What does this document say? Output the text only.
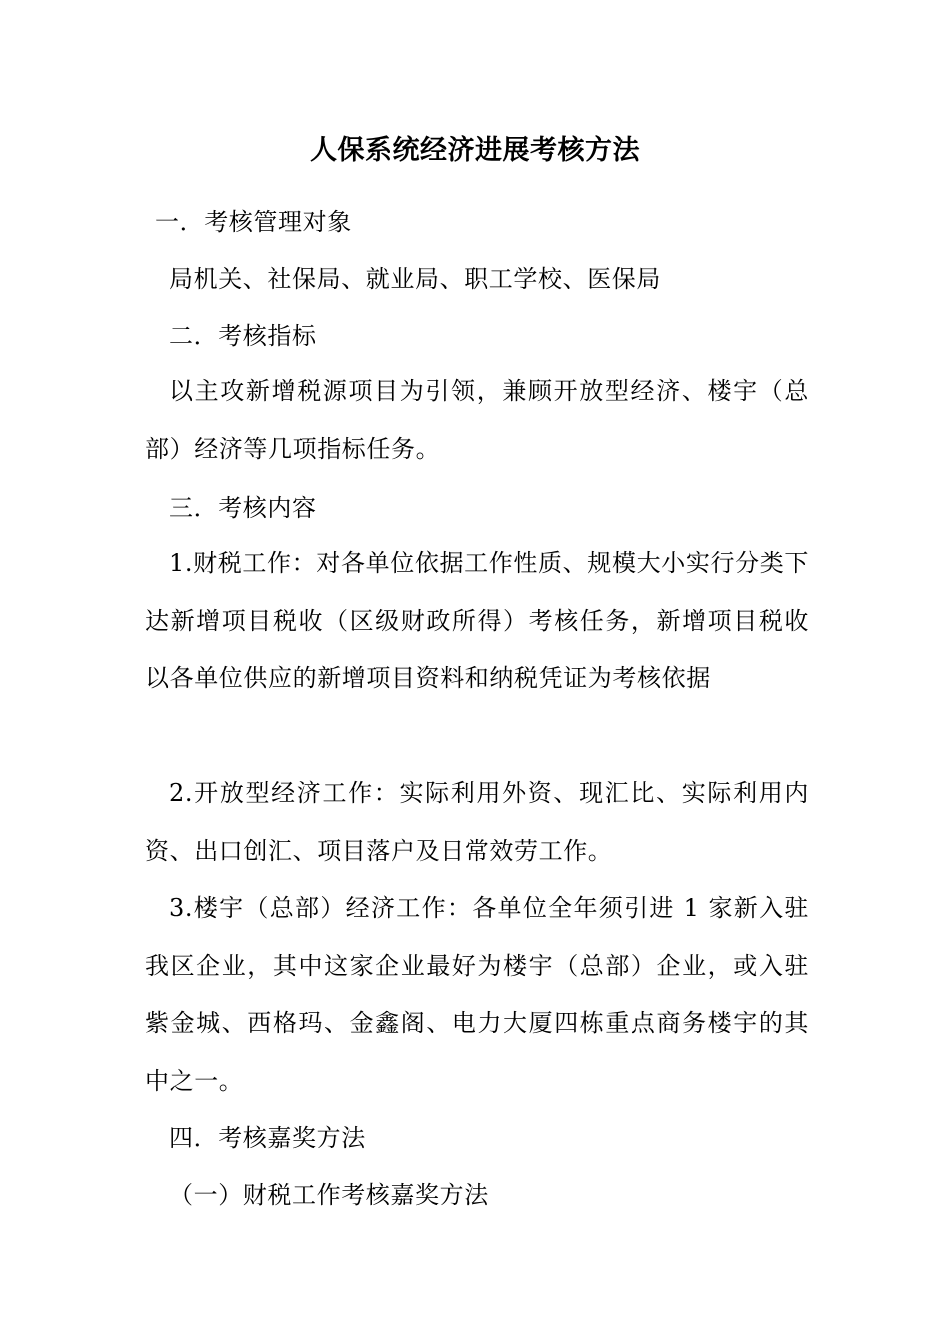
人保系统经济进展考核方法
一．考核管理对象
局机关、社保局、就业局、职工学校、医保局
二．考核指标
以主攻新增税源项目为引领，兼顾开放型经济、楼宇（总部）经济等几项指标任务。
三．考核内容
1.财税工作：对各单位依据工作性质、规模大小实行分类下达新增项目税收（区级财政所得）考核任务，新增项目税收以各单位供应的新增项目资料和纳税凭证为考核依据
2.开放型经济工作：实际利用外资、现汇比、实际利用内资、出口创汇、项目落户及日常效劳工作。
3.楼宇（总部）经济工作：各单位全年须引进 1 家新入驻我区企业，其中这家企业最好为楼宇（总部）企业，或入驻紫金城、西格玛、金鑫阁、电力大厦四栋重点商务楼宇的其中之一。
四．考核嘉奖方法
（一）财税工作考核嘉奖方法
